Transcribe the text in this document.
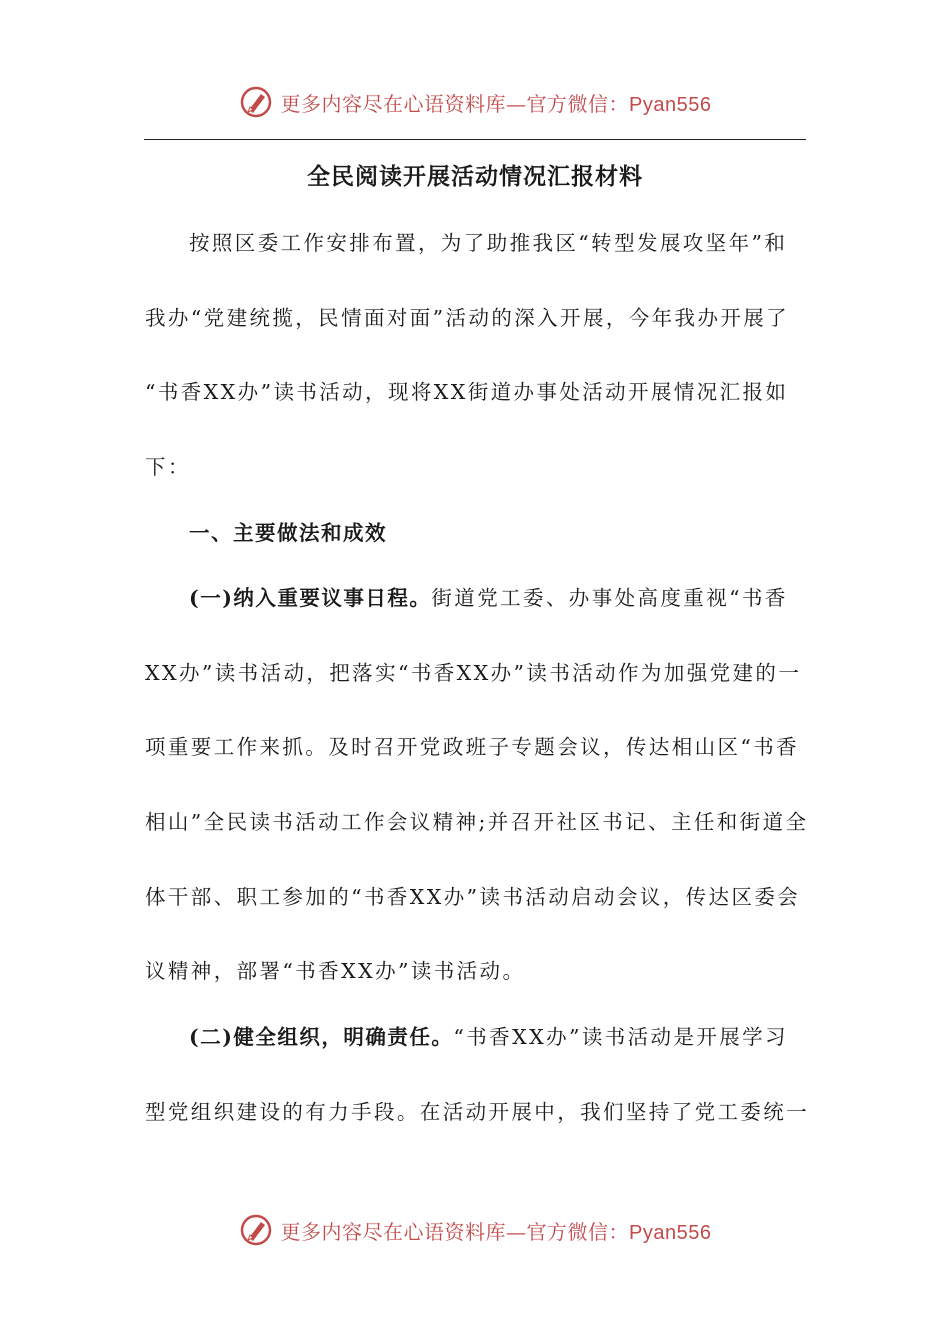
更多内容尽在心语资料库—官方微信：Pyan556
全民阅读开展活动情况汇报材料

按照区委工作安排布置，为了助推我区“转型发展攻坚年”和

我办“党建统揽，民情面对面”活动的深入开展，今年我办开展了

“书香XX办”读书活动，现将XX街道办事处活动开展情况汇报如

下：

一、主要做法和成效

(一)纳入重要议事日程。街道党工委、办事处高度重视“书香

XX办”读书活动，把落实“书香XX办”读书活动作为加强党建的一

项重要工作来抓。及时召开党政班子专题会议，传达相山区“书香

相山”全民读书活动工作会议精神;并召开社区书记、主任和街道全

体干部、职工参加的“书香XX办”读书活动启动会议，传达区委会

议精神，部署“书香XX办”读书活动。

(二)健全组织，明确责任。“书香XX办”读书活动是开展学习

型党组织建设的有力手段。在活动开展中，我们坚持了党工委统一

更多内容尽在心语资料库—官方微信：Pyan556
